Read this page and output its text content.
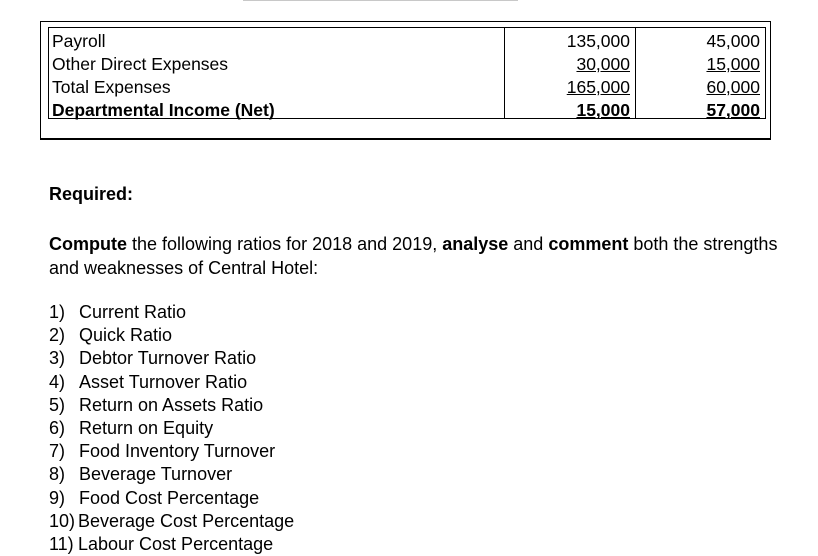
Payroll
Other Direct Expenses
Total Expenses
Departmental Income (Net)
135,000
30,000
165,000
15,000
45,000
15,000
60,000
57,000
Required:

Compute the following ratios for 2018 and 2019, analyse and comment both the strengths and weaknesses of Central Hotel:

1) Current Ratio
2) Quick Ratio
3) Debtor Turnover Ratio
4) Asset Turnover Ratio
5) Return on Assets Ratio
6) Return on Equity
7) Food Inventory Turnover
8) Beverage Turnover
9) Food Cost Percentage
10) Beverage Cost Percentage
11) Labour Cost Percentage
